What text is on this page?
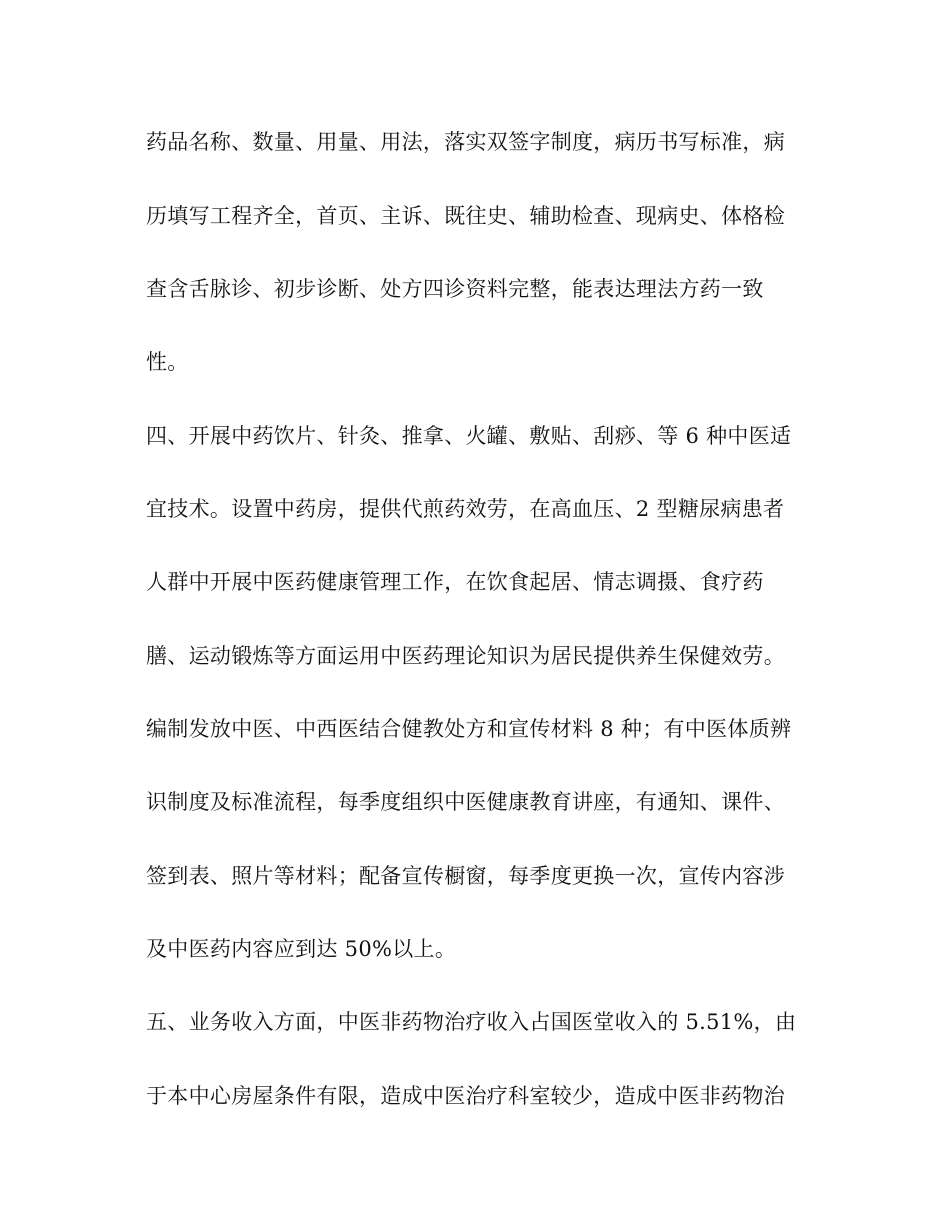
药品名称、数量、用量、用法，落实双签字制度，病历书写标准，病

历填写工程齐全，首页、主诉、既往史、辅助检查、现病史、体格检

查含舌脉诊、初步诊断、处方四诊资料完整，能表达理法方药一致

性。

四、开展中药饮片、针灸、推拿、火罐、敷贴、刮痧、等 6 种中医适

宜技术。设置中药房，提供代煎药效劳，在高血压、2 型糖尿病患者

人群中开展中医药健康管理工作，在饮食起居、情志调摄、食疗药

膳、运动锻炼等方面运用中医药理论知识为居民提供养生保健效劳。

编制发放中医、中西医结合健教处方和宣传材料 8 种；有中医体质辨

识制度及标准流程，每季度组织中医健康教育讲座，有通知、课件、

签到表、照片等材料；配备宣传橱窗，每季度更换一次，宣传内容涉

及中医药内容应到达 50%以上。

五、业务收入方面，中医非药物治疗收入占国医堂收入的 5.51%，由

于本中心房屋条件有限，造成中医治疗科室较少，造成中医非药物治
